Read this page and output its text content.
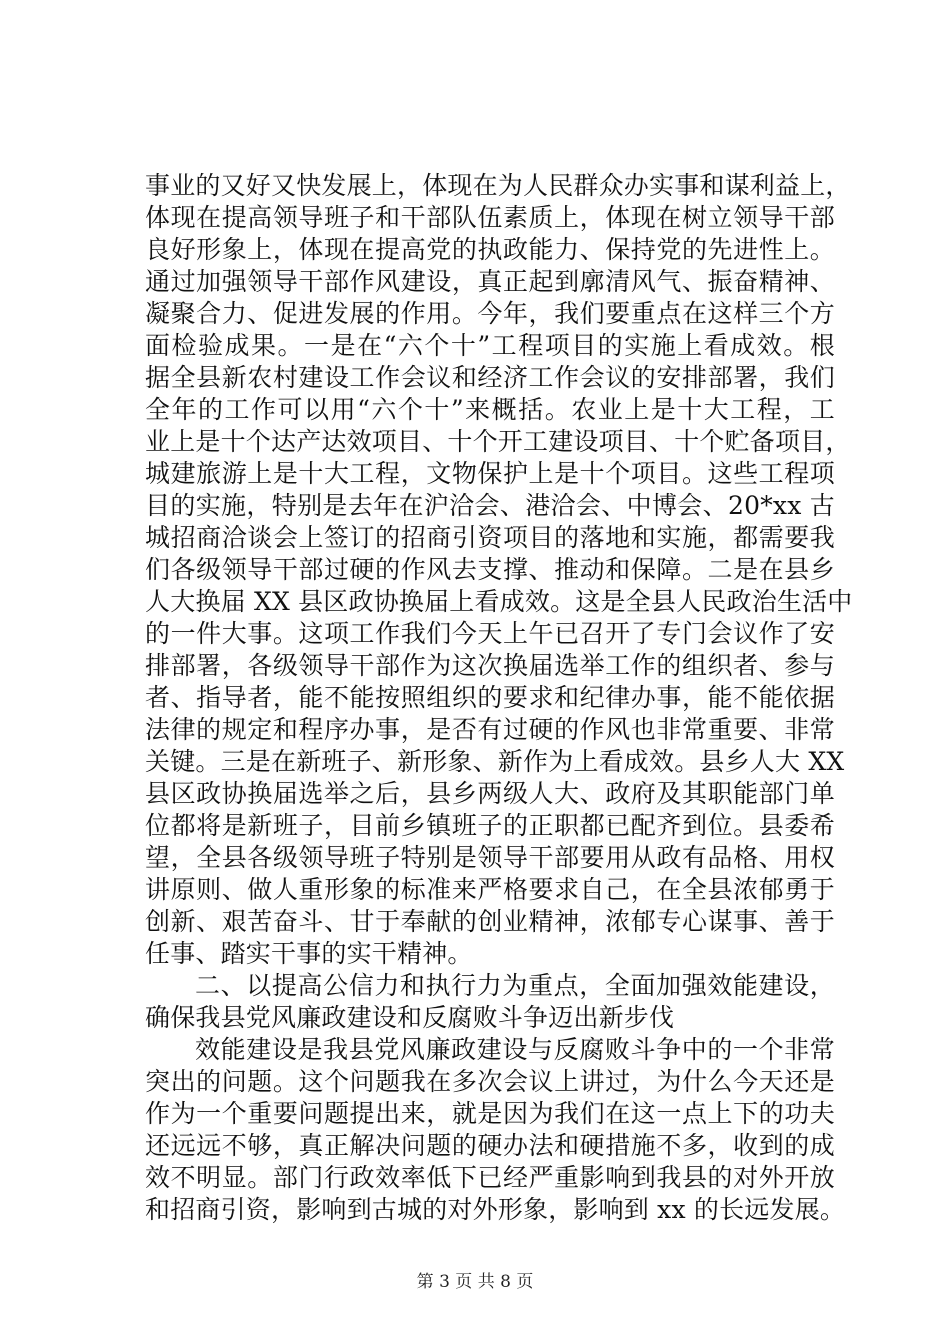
事业的又好又快发展上，体现在为人民群众办实事和谋利益上，
体现在提高领导班子和干部队伍素质上，体现在树立领导干部
良好形象上，体现在提高党的执政能力、保持党的先进性上。
通过加强领导干部作风建设，真正起到廓清风气、振奋精神、
凝聚合力、促进发展的作用。今年，我们要重点在这样三个方
面检验成果。一是在“六个十”工程项目的实施上看成效。根
据全县新农村建设工作会议和经济工作会议的安排部署，我们
全年的工作可以用“六个十”来概括。农业上是十大工程，工
业上是十个达产达效项目、十个开工建设项目、十个贮备项目，
城建旅游上是十大工程，文物保护上是十个项目。这些工程项
目的实施，特别是去年在沪洽会、港洽会、中博会、20*xx 古
城招商洽谈会上签订的招商引资项目的落地和实施，都需要我
们各级领导干部过硬的作风去支撑、推动和保障。二是在县乡
人大换届 XX 县区政协换届上看成效。这是全县人民政治生活中
的一件大事。这项工作我们今天上午已召开了专门会议作了安
排部署，各级领导干部作为这次换届选举工作的组织者、参与
者、指导者，能不能按照组织的要求和纪律办事，能不能依据
法律的规定和程序办事，是否有过硬的作风也非常重要、非常
关键。三是在新班子、新形象、新作为上看成效。县乡人大 XX
县区政协换届选举之后，县乡两级人大、政府及其职能部门单
位都将是新班子，目前乡镇班子的正职都已配齐到位。县委希
望，全县各级领导班子特别是领导干部要用从政有品格、用权
讲原则、做人重形象的标准来严格要求自己，在全县浓郁勇于
创新、艰苦奋斗、甘于奉献的创业精神，浓郁专心谋事、善于
任事、踏实干事的实干精神。
二、以提高公信力和执行力为重点，全面加强效能建设，
确保我县党风廉政建设和反腐败斗争迈出新步伐
效能建设是我县党风廉政建设与反腐败斗争中的一个非常
突出的问题。这个问题我在多次会议上讲过，为什么今天还是
作为一个重要问题提出来，就是因为我们在这一点上下的功夫
还远远不够，真正解决问题的硬办法和硬措施不多，收到的成
效不明显。部门行政效率低下已经严重影响到我县的对外开放
和招商引资，影响到古城的对外形象，影响到 xx 的长远发展。
第 3 页 共 8 页
